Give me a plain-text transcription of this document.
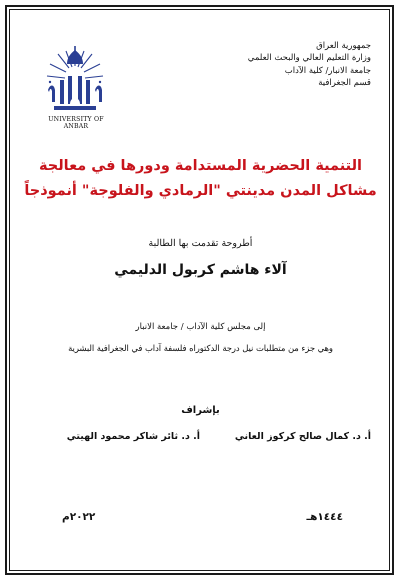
جمهورية العراق
وزارة التعليم العالي والبحث العلمي
جامعة الانبار/ كلية الآداب
قسم الجغرافية
UNIVERSITY OF ANBAR
التنمية الحضرية المستدامة ودورها في معالجة
مشاكل المدن مدينتي "الرمادي والفلوجة" أنموذجاً
أطروحة تقدمت بها الطالبة
آلاء هاشم كربول الدليمي
إلى مجلس كلية الآداب / جامعة الانبار
وهي جزء من متطلبات نيل درجة الدكتوراه فلسفة آداب في الجغرافية البشرية
بإشراف
أ. د. كمال صالح كركوز العاني
أ. د. ثائر شاكر محمود الهيتي
١٤٤٤هـ
٢٠٢٢م
